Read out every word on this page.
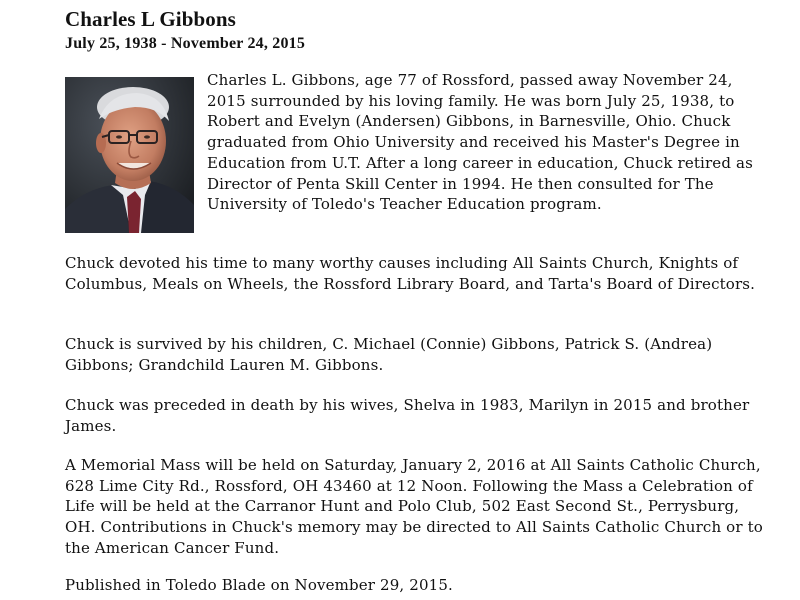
Charles L Gibbons
July 25, 1938 - November 24, 2015

Charles L. Gibbons, age 77 of Rossford, passed away November 24, 2015 surrounded by his loving family. He was born July 25, 1938, to Robert and Evelyn (Andersen) Gibbons, in Barnesville, Ohio. Chuck graduated from Ohio University and received his Master's Degree in Education from U.T. After a long career in education, Chuck retired as Director of Penta Skill Center in 1994. He then consulted for The University of Toledo's Teacher Education program.

Chuck devoted his time to many worthy causes including All Saints Church, Knights of Columbus, Meals on Wheels, the Rossford Library Board, and Tarta's Board of Directors.

Chuck is survived by his children, C. Michael (Connie) Gibbons, Patrick S. (Andrea) Gibbons; Grandchild Lauren M. Gibbons.

Chuck was preceded in death by his wives, Shelva in 1983, Marilyn in 2015 and brother James.

A Memorial Mass will be held on Saturday, January 2, 2016 at All Saints Catholic Church, 628 Lime City Rd., Rossford, OH 43460 at 12 Noon. Following the Mass a Celebration of Life will be held at the Carranor Hunt and Polo Club, 502 East Second St., Perrysburg, OH. Contributions in Chuck's memory may be directed to All Saints Catholic Church or to the American Cancer Fund.

Published in Toledo Blade on November 29, 2015.
